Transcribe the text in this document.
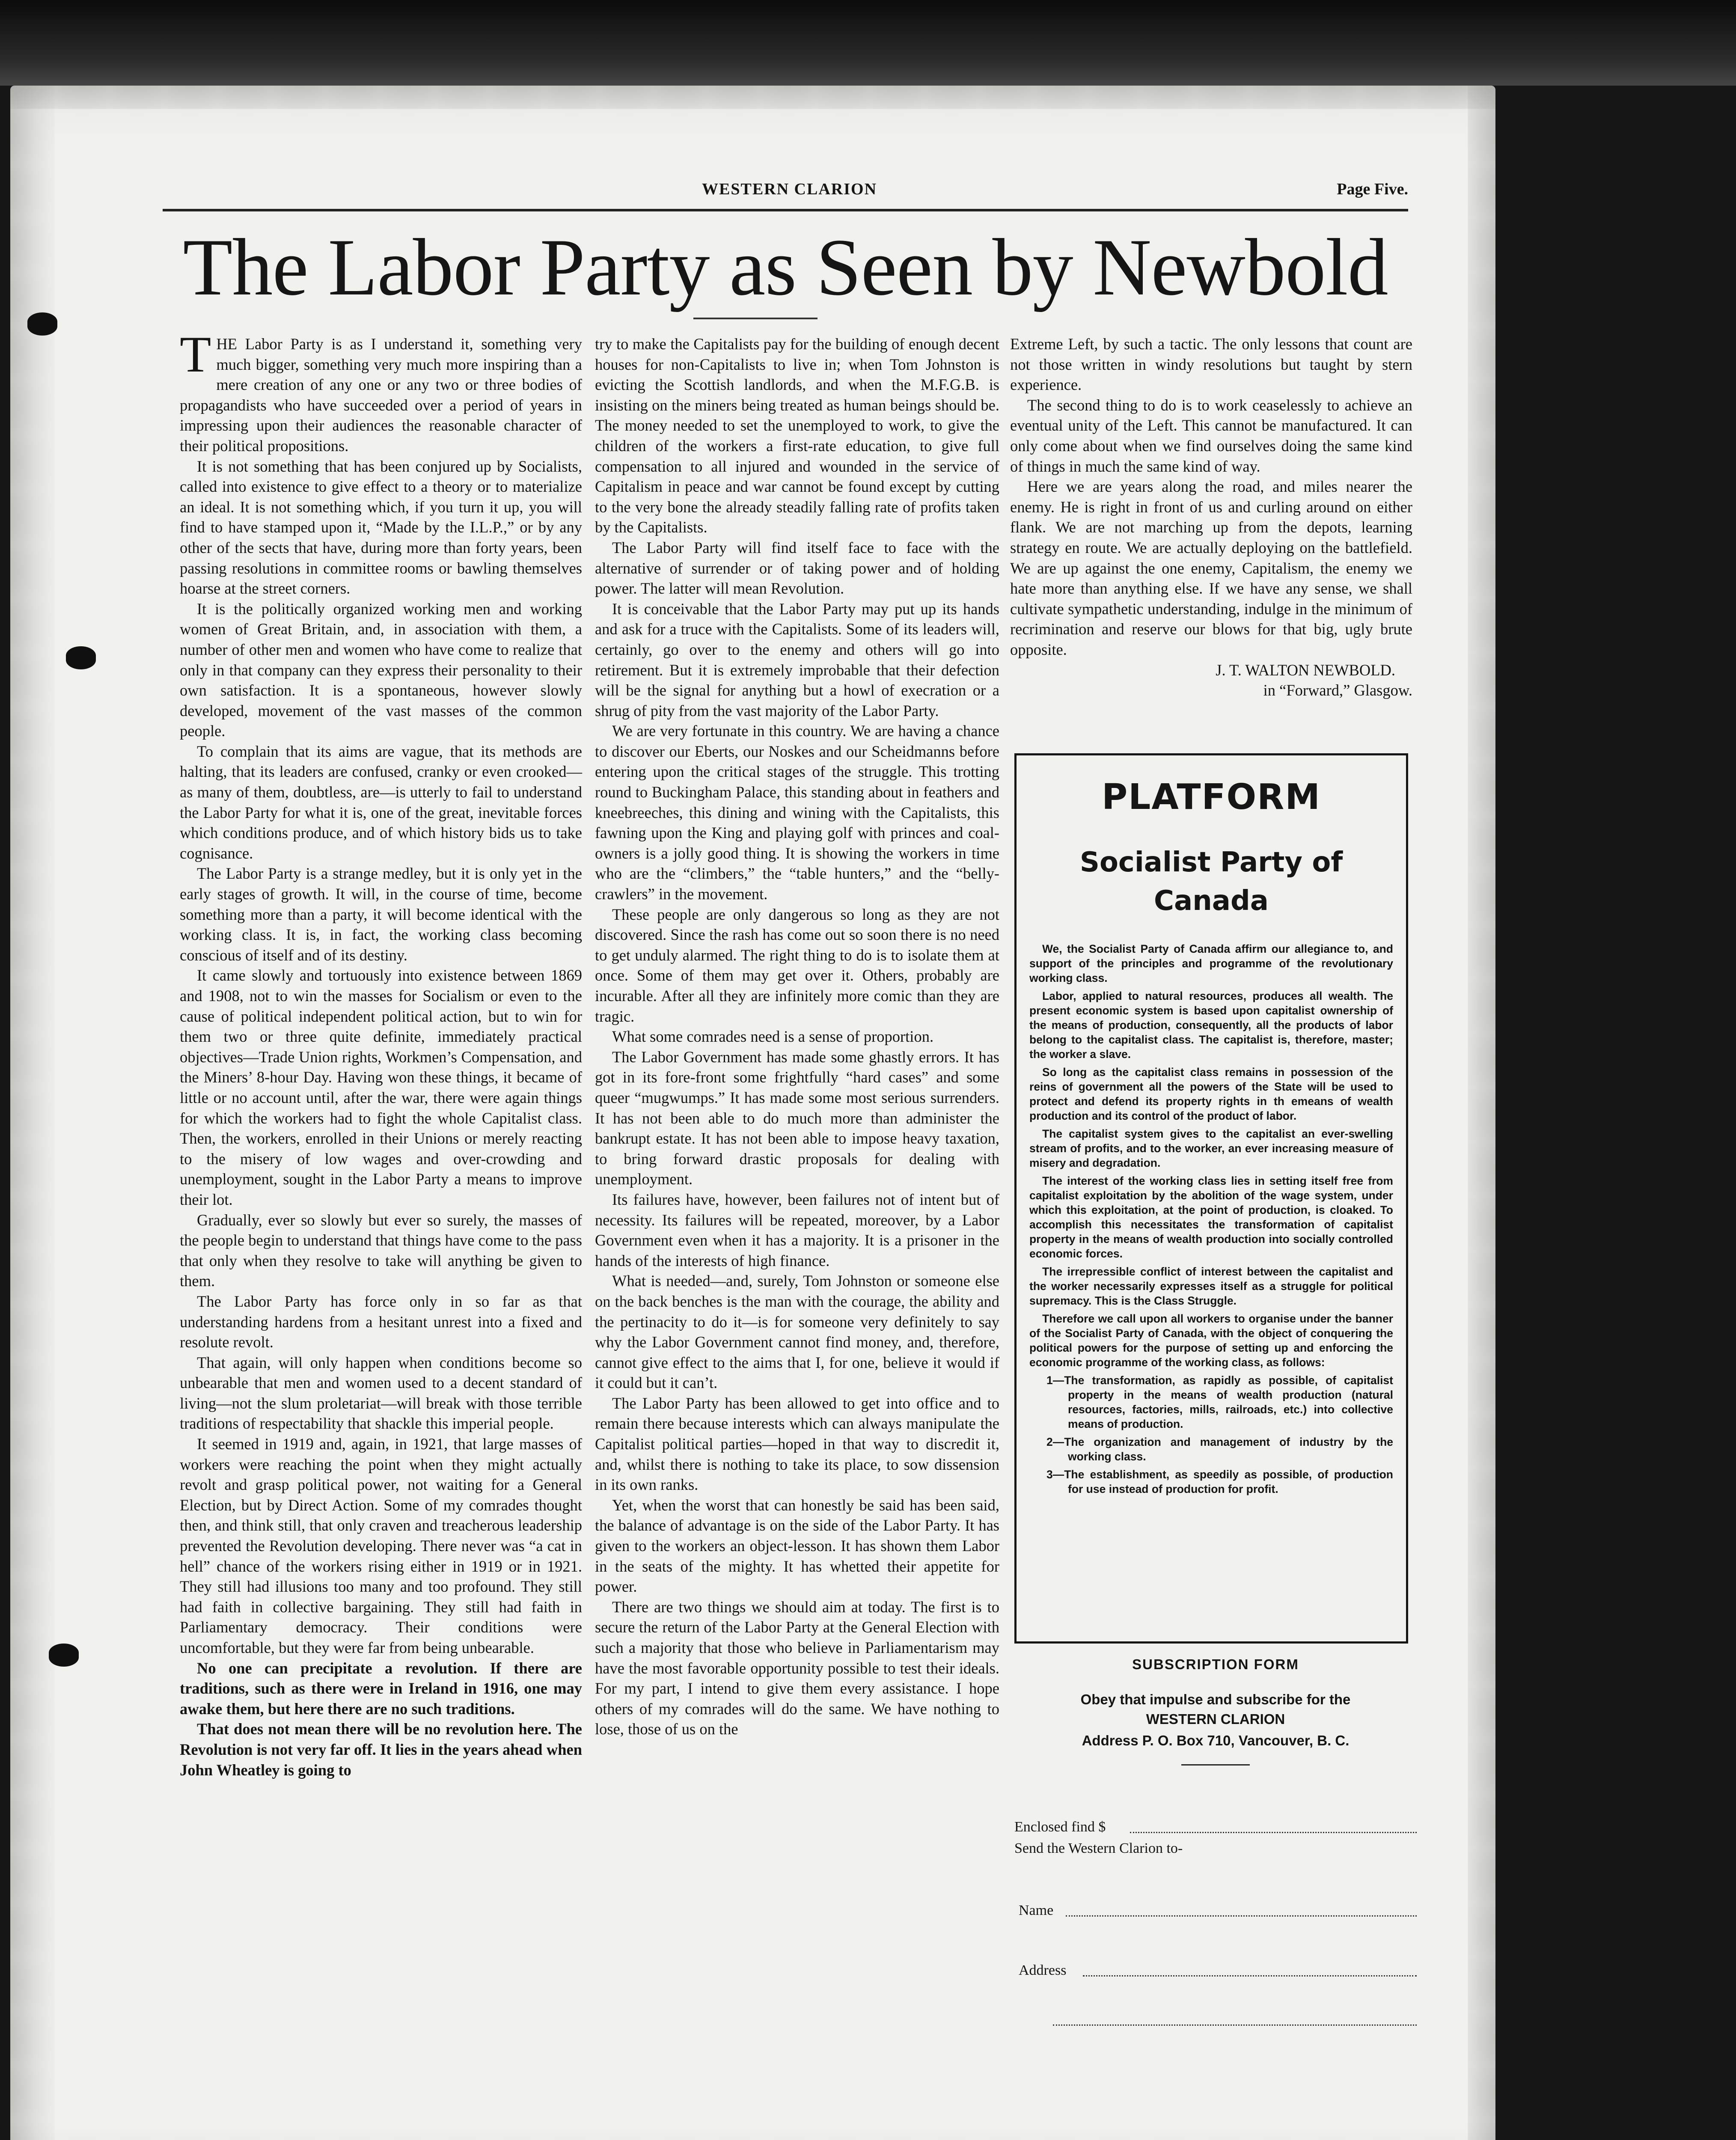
WESTERN CLARION	Page Five.
The Labor Party as Seen by Newbold

THE Labor Party is as I understand it, something very much bigger, something very much more inspiring than a mere creation of any one or any two or three bodies of propagandists who have succeeded over a period of years in impressing upon their audiences the reasonable character of their political propositions.

It is not something that has been conjured up by Socialists, called into existence to give effect to a theory or to materialize an ideal. It is not something which, if you turn it up, you will find to have stamped upon it, “Made by the I.L.P.,” or by any other of the sects that have, during more than forty years, been passing resolutions in committee rooms or bawling themselves hoarse at the street corners.

It is the politically organized working men and working women of Great Britain, and, in association with them, a number of other men and women who have come to realize that only in that company can they express their personality to their own satisfaction. It is a spontaneous, however slowly developed, movement of the vast masses of the common people.

To complain that its aims are vague, that its methods are halting, that its leaders are confused, cranky or even crooked—as many of them, doubtless, are—is utterly to fail to understand the Labor Party for what it is, one of the great, inevitable forces which conditions produce, and of which history bids us to take cognisance.

The Labor Party is a strange medley, but it is only yet in the early stages of growth. It will, in the course of time, become something more than a party, it will become identical with the working class. It is, in fact, the working class becoming conscious of itself and of its destiny.

It came slowly and tortuously into existence between 1869 and 1908, not to win the masses for Socialism or even to the cause of political independent political action, but to win for them two or three quite definite, immediately practical objectives—Trade Union rights, Workmen’s Compensation, and the Miners’ 8-hour Day. Having won these things, it became of little or no account until, after the war, there were again things for which the workers had to fight the whole Capitalist class. Then, the workers, enrolled in their Unions or merely reacting to the misery of low wages and over-crowding and unemployment, sought in the Labor Party a means to improve their lot.

Gradually, ever so slowly but ever so surely, the masses of the people begin to understand that things have come to the pass that only when they resolve to take will anything be given to them.

The Labor Party has force only in so far as that understanding hardens from a hesitant unrest into a fixed and resolute revolt.

That again, will only happen when conditions become so unbearable that men and women used to a decent standard of living—not the slum proletariat—will break with those terrible traditions of respectability that shackle this imperial people.

It seemed in 1919 and, again, in 1921, that large masses of workers were reaching the point when they might actually revolt and grasp political power, not waiting for a General Election, but by Direct Action. Some of my comrades thought then, and think still, that only craven and treacherous leadership prevented the Revolution developing. There never was “a cat in hell” chance of the workers rising either in 1919 or in 1921. They still had illusions too many and too profound. They still had faith in collective bargaining. They still had faith in Parliamentary democracy. Their conditions were uncomfortable, but they were far from being unbearable.

No one can precipitate a revolution. If there are traditions, such as there were in Ireland in 1916, one may awake them, but here there are no such traditions.

That does not mean there will be no revolution here. The Revolution is not very far off. It lies in the years ahead when John Wheatley is going to

try to make the Capitalists pay for the building of enough decent houses for non-Capitalists to live in; when Tom Johnston is evicting the Scottish landlords, and when the M.F.G.B. is insisting on the miners being treated as human beings should be. The money needed to set the unemployed to work, to give the children of the workers a first-rate education, to give full compensation to all injured and wounded in the service of Capitalism in peace and war cannot be found except by cutting to the very bone the already steadily falling rate of profits taken by the Capitalists.

The Labor Party will find itself face to face with the alternative of surrender or of taking power and of holding power. The latter will mean Revolution.

It is conceivable that the Labor Party may put up its hands and ask for a truce with the Capitalists. Some of its leaders will, certainly, go over to the enemy and others will go into retirement. But it is extremely improbable that their defection will be the signal for anything but a howl of execration or a shrug of pity from the vast majority of the Labor Party.

We are very fortunate in this country. We are having a chance to discover our Eberts, our Noskes and our Scheidmanns before entering upon the critical stages of the struggle. This trotting round to Buckingham Palace, this standing about in feathers and kneebreeches, this dining and wining with the Capitalists, this fawning upon the King and playing golf with princes and coal-owners is a jolly good thing. It is showing the workers in time who are the “climbers,” the “table hunters,” and the “belly-crawlers” in the movement.

These people are only dangerous so long as they are not discovered. Since the rash has come out so soon there is no need to get unduly alarmed. The right thing to do is to isolate them at once. Some of them may get over it. Others, probably are incurable. After all they are infinitely more comic than they are tragic.

What some comrades need is a sense of proportion.

The Labor Government has made some ghastly errors. It has got in its fore-front some frightfully “hard cases” and some queer “mugwumps.” It has made some most serious surrenders. It has not been able to do much more than administer the bankrupt estate. It has not been able to impose heavy taxation, to bring forward drastic proposals for dealing with unemployment.

Its failures have, however, been failures not of intent but of necessity. Its failures will be repeated, moreover, by a Labor Government even when it has a majority. It is a prisoner in the hands of the interests of high finance.

What is needed—and, surely, Tom Johnston or someone else on the back benches is the man with the courage, the ability and the pertinacity to do it—is for someone very definitely to say why the Labor Government cannot find money, and, therefore, cannot give effect to the aims that I, for one, believe it would if it could but it can’t.

The Labor Party has been allowed to get into office and to remain there because interests which can always manipulate the Capitalist political parties—hoped in that way to discredit it, and, whilst there is nothing to take its place, to sow dissension in its own ranks.

Yet, when the worst that can honestly be said has been said, the balance of advantage is on the side of the Labor Party. It has given to the workers an object-lesson. It has shown them Labor in the seats of the mighty. It has whetted their appetite for power.

There are two things we should aim at today. The first is to secure the return of the Labor Party at the General Election with such a majority that those who believe in Parliamentarism may have the most favorable opportunity possible to test their ideals. For my part, I intend to give them every assistance. I hope others of my comrades will do the same. We have nothing to lose, those of us on the

Extreme Left, by such a tactic. The only lessons that count are not those written in windy resolutions but taught by stern experience.

The second thing to do is to work ceaselessly to achieve an eventual unity of the Left. This cannot be manufactured. It can only come about when we find ourselves doing the same kind of things in much the same kind of way.

Here we are years along the road, and miles nearer the enemy. He is right in front of us and curling around on either flank. We are not marching up from the depots, learning strategy en route. We are actually deploying on the battlefield. We are up against the one enemy, Capitalism, the enemy we hate more than anything else. If we have any sense, we shall cultivate sympathetic understanding, indulge in the minimum of recrimination and reserve our blows for that big, ugly brute opposite.

J. T. WALTON NEWBOLD.

in “Forward,” Glasgow.

PLATFORM
Socialist Party of
Canada

We, the Socialist Party of Canada affirm our allegiance to, and support of the principles and programme of the revolutionary working class.

Labor, applied to natural resources, produces all wealth. The present economic system is based upon capitalist ownership of the means of production, consequently, all the products of labor belong to the capitalist class. The capitalist is, therefore, master; the worker a slave.

So long as the capitalist class remains in possession of the reins of government all the powers of the State will be used to protect and defend its property rights in th emeans of wealth production and its control of the product of labor.

The capitalist system gives to the capitalist an ever-swelling stream of profits, and to the worker, an ever increasing measure of misery and degradation.

The interest of the working class lies in setting itself free from capitalist exploitation by the abolition of the wage system, under which this exploitation, at the point of production, is cloaked. To accomplish this necessitates the transformation of capitalist property in the means of wealth production into socially controlled economic forces.

The irrepressible conflict of interest between the capitalist and the worker necessarily expresses itself as a struggle for political supremacy. This is the Class Struggle.

Therefore we call upon all workers to organise under the banner of the Socialist Party of Canada, with the object of conquering the political powers for the purpose of setting up and enforcing the economic programme of the working class, as follows:

1—The transformation, as rapidly as possible, of capitalist property in the means of wealth production (natural resources, factories, mills, railroads, etc.) into collective means of production.

2—The organization and management of industry by the working class.

3—The establishment, as speedily as possible, of production for use instead of production for profit.

SUBSCRIPTION FORM
Obey that impulse and subscribe for the
WESTERN CLARION
Address P. O. Box 710, Vancouver, B. C.
Enclosed find $
Send the Western Clarion to-
Name
Address
